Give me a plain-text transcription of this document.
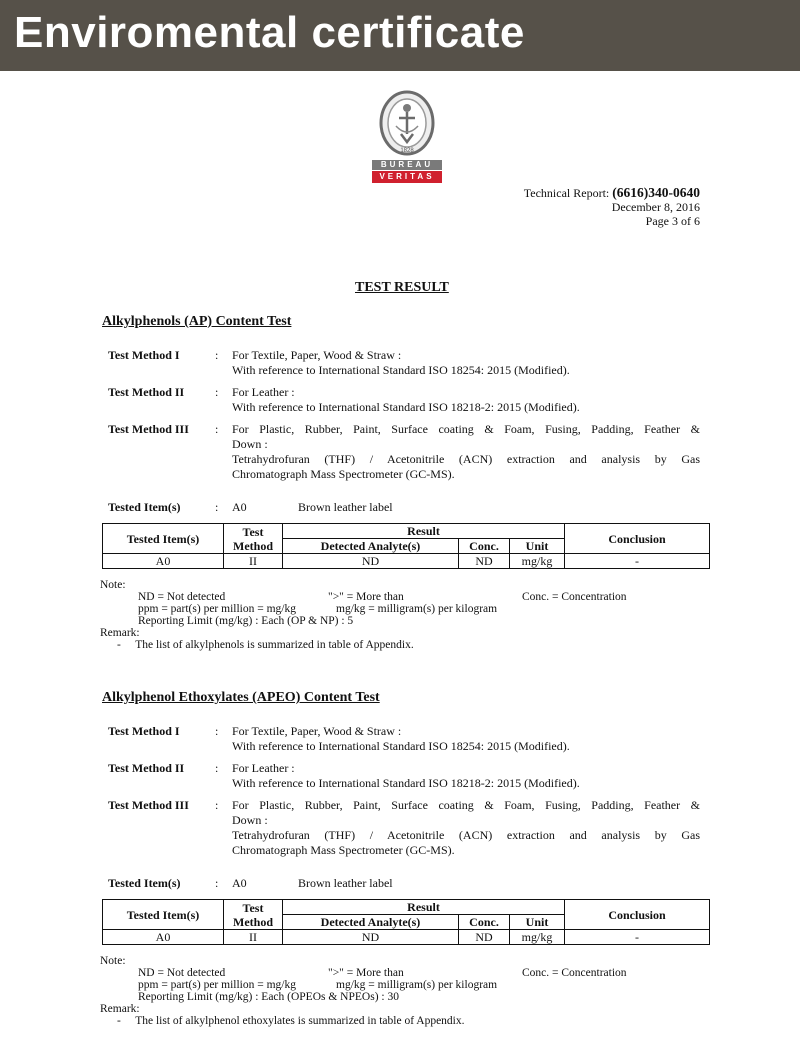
Enviromental certificate
1828
BUREAU
VERITAS
Technical Report: (6616)340-0640
December 8, 2016
Page 3 of 6
TEST RESULT
Alkylphenols (AP) Content Test
Test Method I	: For Textile, Paper, Wood & Straw :
With reference to International Standard ISO 18254: 2015 (Modified).
Test Method II	: For Leather :
With reference to International Standard ISO 18218-2: 2015 (Modified).
Test Method III : For Plastic, Rubber, Paint, Surface coating & Foam, Fusing, Padding, Feather &
Down :
Tetrahydrofuran (THF) / Acetonitrile (ACN) extraction and analysis by Gas
Chromatograph Mass Spectrometer (GC-MS).
Tested Item(s)	: A0	Brown leather label
Tested Item(s)	Test Method	Result			Conclusion
		Detected Analyte(s)	Conc.	Unit	
A0	II	ND	ND	mg/kg	-
Note:
ND = Not detected	">" = More than	Conc. = Concentration
ppm = part(s) per million = mg/kg	mg/kg = milligram(s) per kilogram
Reporting Limit (mg/kg) : Each (OP & NP) : 5
Remark:
-     The list of alkylphenols is summarized in table of Appendix.
Alkylphenol Ethoxylates (APEO) Content Test
Test Method I	: For Textile, Paper, Wood & Straw :
With reference to International Standard ISO 18254: 2015 (Modified).
Test Method II	: For Leather :
With reference to International Standard ISO 18218-2: 2015 (Modified).
Test Method III : For Plastic, Rubber, Paint, Surface coating & Foam, Fusing, Padding, Feather &
Down :
Tetrahydrofuran (THF) / Acetonitrile (ACN) extraction and analysis by Gas
Chromatograph Mass Spectrometer (GC-MS).
Tested Item(s)	: A0	Brown leather label
Tested Item(s)	Test Method	Result			Conclusion
		Detected Analyte(s)	Conc.	Unit	
A0	II	ND	ND	mg/kg	-
Note:
ND = Not detected	">" = More than	Conc. = Concentration
ppm = part(s) per million = mg/kg	mg/kg = milligram(s) per kilogram
Reporting Limit (mg/kg) : Each (OPEOs & NPEOs) : 30
Remark:
-     The list of alkylphenol ethoxylates is summarized in table of Appendix.
